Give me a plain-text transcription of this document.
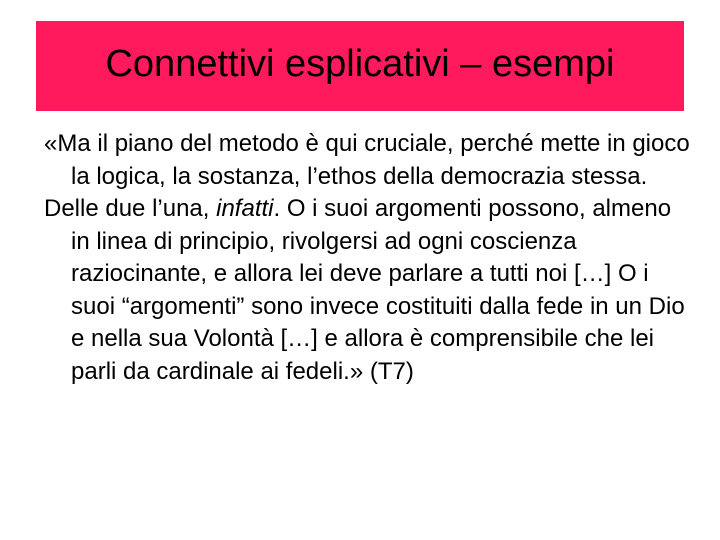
Connettivi esplicativi – esempi

«Ma il piano del metodo è qui cruciale, perché mette in gioco la logica, la sostanza, l’ethos della democrazia stessa.

Delle due l’una, infatti. O i suoi argomenti possono, almeno in linea di principio, rivolgersi ad ogni coscienza raziocinante, e allora lei deve parlare a tutti noi […] O i suoi “argomenti” sono invece costituiti dalla fede in un Dio e nella sua Volontà […] e allora è comprensibile che lei parli da cardinale ai fedeli.» (T7)
